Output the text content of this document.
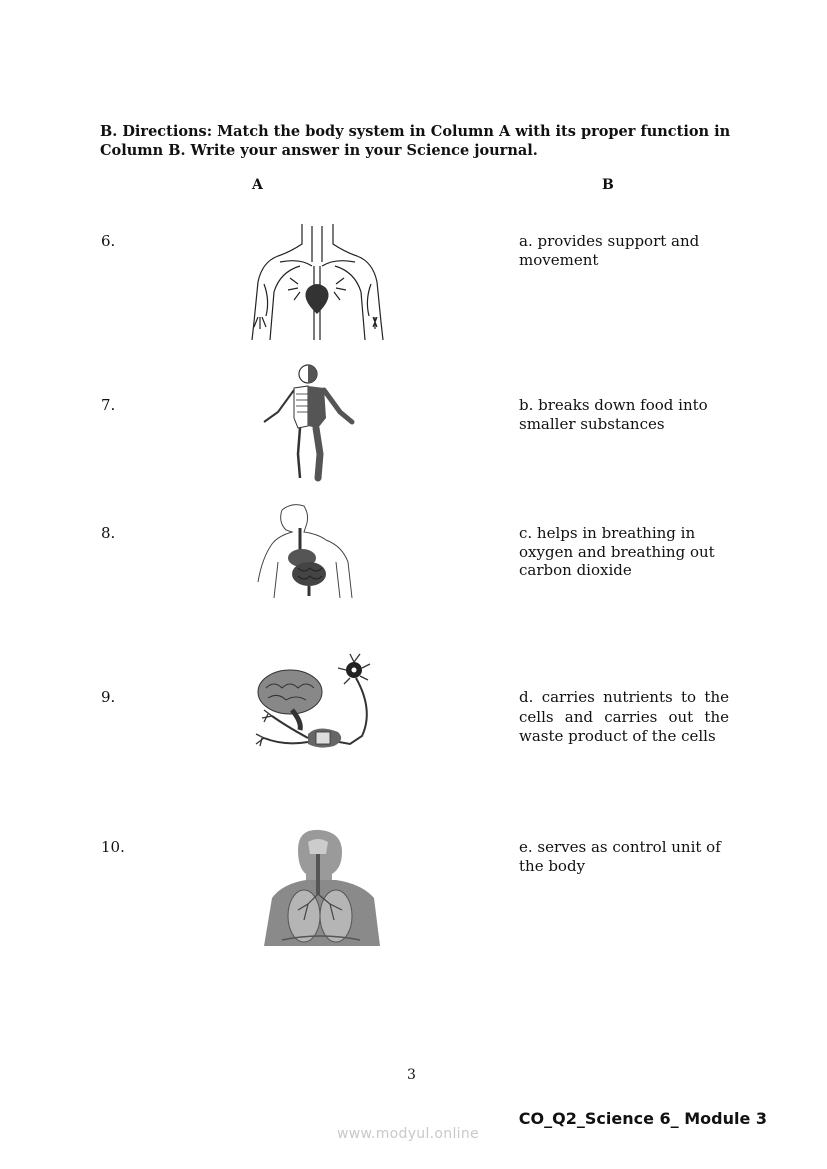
B. Directions: Match the body system in Column A with its proper function in Column B. Write your answer in your Science journal.
A	B
6.	a. provides support and movement
7.	b. breaks down food into smaller substances
8.	c. helps in breathing in oxygen and breathing out carbon dioxide
9.	d. carries nutrients to the cells and carries out the waste product of the cells
10.	e. serves as control unit of the body
3
CO_Q2_Science 6_ Module 3
www.modyul.online
